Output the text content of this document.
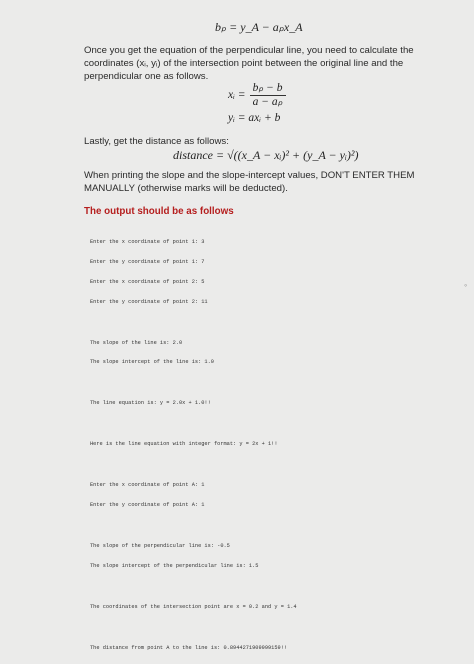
bₚ = y_A − aₚx_A
Once you get the equation of the perpendicular line, you need to calculate the coordinates (xᵢ, yᵢ) of the intersection point between the original line and the perpendicular one as follows.
xᵢ = $\frac{\text{bₚ − b}}{\text{a − aₚ}}$
yᵢ = axᵢ + b
Lastly, get the distance as follows:
distance = √((x_A − xᵢ)² + (y_A − yᵢ)²)
When printing the slope and the slope-intercept values, DON'T ENTER THEM MANUALLY (otherwise marks will be deducted).
The output should be as follows

Enter the x coordinate of point 1: 3

Enter the y coordinate of point 1: 7

Enter the x coordinate of point 2: 5

Enter the y coordinate of point 2: 11

The slope of the line is: 2.0

The slope intercept of the line is: 1.0

The line equation is: y = 2.0x + 1.0!!

Here is the line equation with integer format: y = 2x + 1!!

Enter the x coordinate of point A: 1

Enter the y coordinate of point A: 1

The slope of the perpendicular line is: -0.5

The slope intercept of the perpendicular line is: 1.5

The coordinates of the intersection point are x = 0.2 and y = 1.4

The distance from point A to the line is: 0.8944271909999159!!

◦
